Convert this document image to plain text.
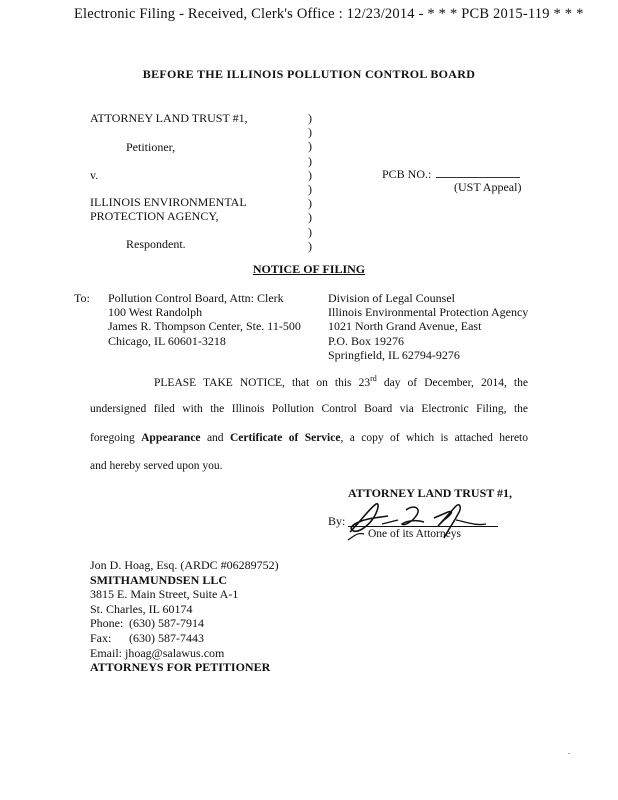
Electronic Filing - Received, Clerk's Office : 12/23/2014 - * * * PCB 2015-119 * * *
BEFORE THE ILLINOIS POLLUTION CONTROL BOARD
ATTORNEY LAND TRUST #1,
Petitioner,
v.
ILLINOIS ENVIRONMENTAL
PROTECTION AGENCY,
Respondent.
)
)
)
)
)
)
)
)
)
)
PCB NO.:
(UST Appeal)
NOTICE OF FILING
To: Pollution Control Board, Attn: Clerk
100 West Randolph
James R. Thompson Center, Ste. 11-500
Chicago, IL 60601-3218
Division of Legal Counsel
Illinois Environmental Protection Agency
1021 North Grand Avenue, East
P.O. Box 19276
Springfield, IL 62794-9276
PLEASE TAKE NOTICE, that on this 23rd day of December, 2014, the
undersigned filed with the Illinois Pollution Control Board via Electronic Filing, the
foregoing Appearance and Certificate of Service, a copy of which is attached hereto
and hereby served upon you.
ATTORNEY LAND TRUST #1,
By:
One of its Attorneys
Jon D. Hoag, Esq. (ARDC #06289752)
SMITHAMUNDSEN LLC
3815 E. Main Street, Suite A-1
St. Charles, IL 60174
Phone: (630) 587-7914
Fax: (630) 587-7443
Email: jhoag@salawus.com
ATTORNEYS FOR PETITIONER
.
